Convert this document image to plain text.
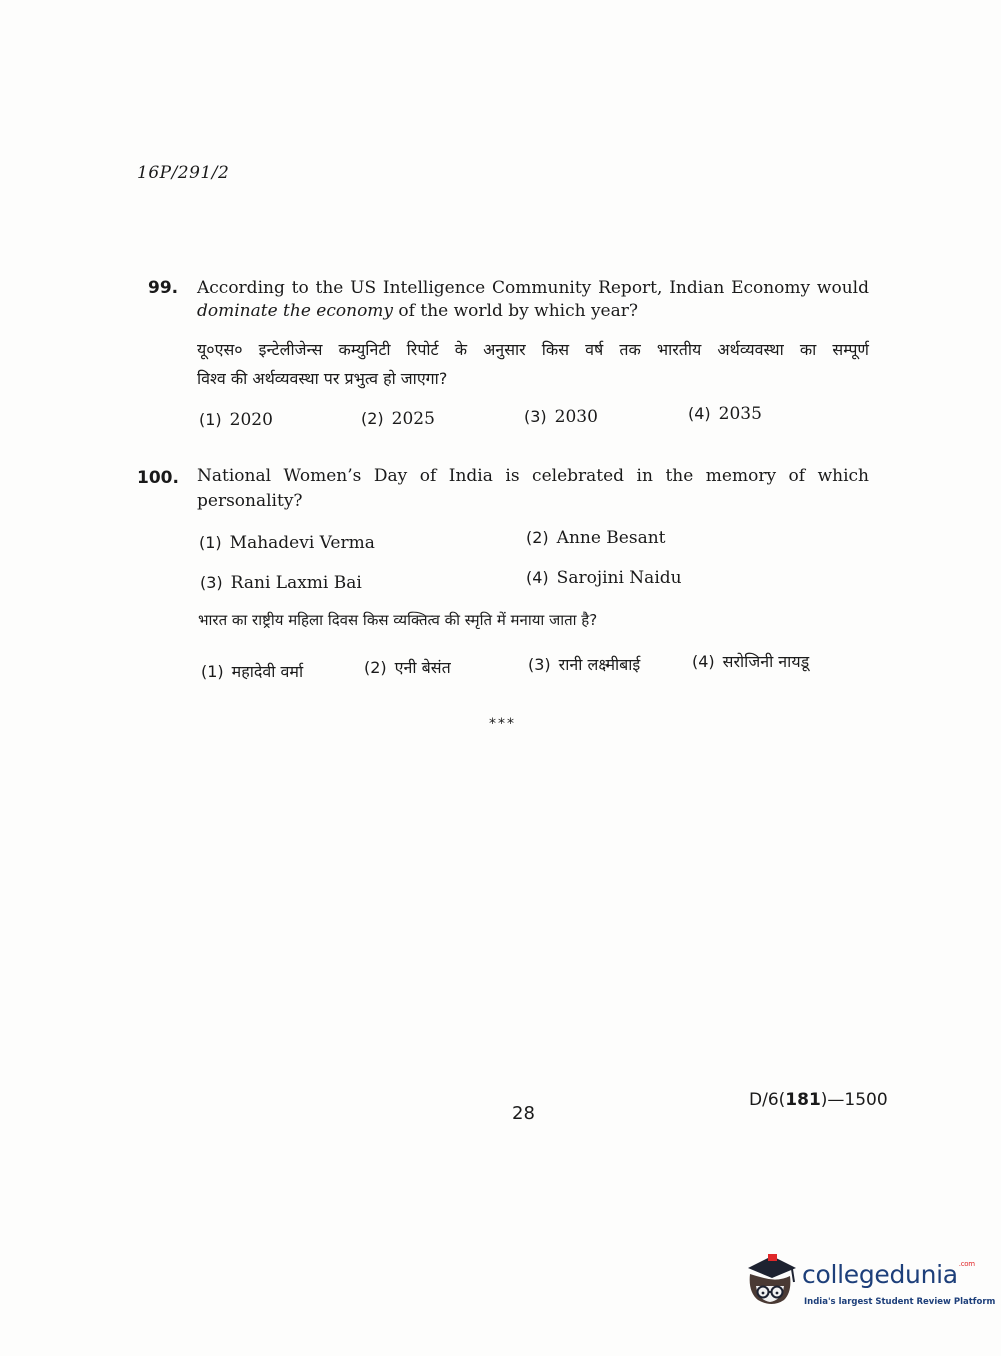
16P/291/2
99. According to the US Intelligence Community Report, Indian Economy would
dominate the economy of the world by which year?
यू०एस० इन्टेलीजेन्स कम्युनिटी रिपोर्ट के अनुसार किस वर्ष तक भारतीय अर्थव्यवस्था का सम्पूर्ण
विश्व की अर्थव्यवस्था पर प्रभुत्व हो जाएगा?
(1) 2020	(2) 2025	(3) 2030	(4) 2035
100. National Women’s Day of India is celebrated in the memory of which
personality?
(1) Mahadevi Verma	(2) Anne Besant
(3) Rani Laxmi Bai	(4) Sarojini Naidu
भारत का राष्ट्रीय महिला दिवस किस व्यक्तित्व की स्मृति में मनाया जाता है?
(1) महादेवी वर्मा	(2) एनी बेसंत	(3) रानी लक्ष्मीबाई	(4) सरोजिनी नायडू
***
28
D/6(181)—1500
collegedunia$^{.com}$
India's largest Student Review Platform
